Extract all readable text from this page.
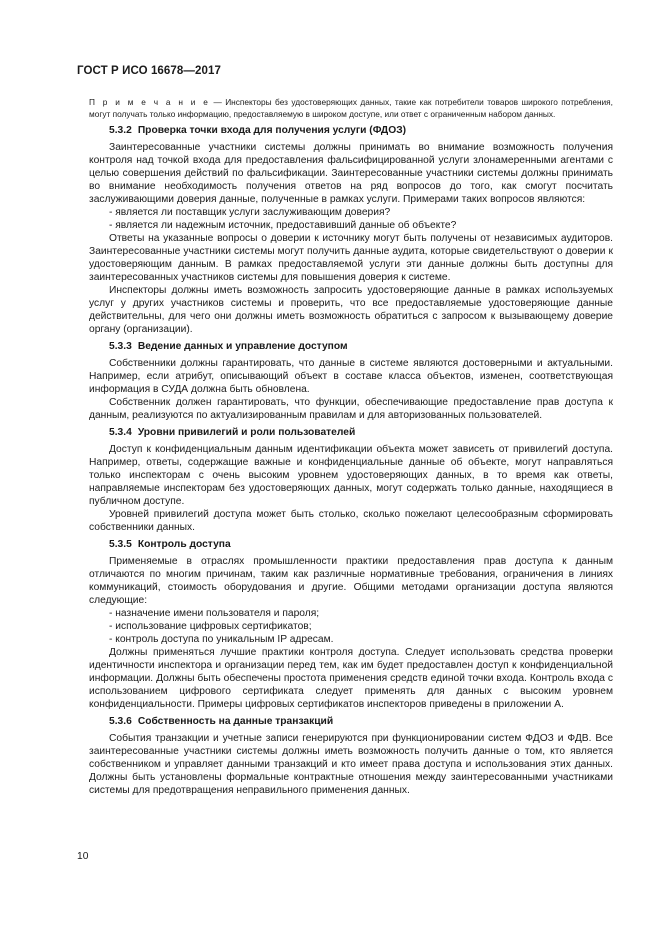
ГОСТ Р ИСО 16678—2017
П р и м е ч а н и е — Инспекторы без удостоверяющих данных, такие как потребители товаров широкого потребления, могут получать только информацию, предоставляемую в широком доступе, или ответ с ограниченным набором данных.
5.3.2 Проверка точки входа для получения услуги (ФДОЗ)

Заинтересованные участники системы должны принимать во внимание возможность получения контроля над точкой входа для предоставления фальсифицированной услуги злонамеренными агентами с целью совершения действий по фальсификации. Заинтересованные участники системы должны принимать во внимание необходимость получения ответов на ряд вопросов до того, как смогут посчитать заслуживающими доверия данные, полученные в рамках услуги. Примерами таких вопросов являются:

- является ли поставщик услуги заслуживающим доверия?

- является ли надежным источник, предоставивший данные об объекте?

Ответы на указанные вопросы о доверии к источнику могут быть получены от независимых аудиторов. Заинтересованные участники системы могут получить данные аудита, которые свидетельствуют о доверии к удостоверяющим данным. В рамках предоставляемой услуги эти данные должны быть доступны для заинтересованных участников системы для повышения доверия к системе.

Инспекторы должны иметь возможность запросить удостоверяющие данные в рамках используемых услуг у других участников системы и проверить, что все предоставляемые удостоверяющие данные действительны, для чего они должны иметь возможность обратиться с запросом к вызывающему доверие органу (организации).

5.3.3 Ведение данных и управление доступом

Собственники должны гарантировать, что данные в системе являются достоверными и актуальными. Например, если атрибут, описывающий объект в составе класса объектов, изменен, соответствующая информация в СУДА должна быть обновлена.

Собственник должен гарантировать, что функции, обеспечивающие предоставление прав доступа к данным, реализуются по актуализированным правилам и для авторизованных пользователей.

5.3.4 Уровни привилегий и роли пользователей

Доступ к конфиденциальным данным идентификации объекта может зависеть от привилегий доступа. Например, ответы, содержащие важные и конфиденциальные данные об объекте, могут направляться только инспекторам с очень высоким уровнем удостоверяющих данных, в то время как ответы, направляемые инспекторам без удостоверяющих данных, могут содержать только данные, находящиеся в публичном доступе.

Уровней привилегий доступа может быть столько, сколько пожелают целесообразным сформировать собственники данных.

5.3.5 Контроль доступа

Применяемые в отраслях промышленности практики предоставления прав доступа к данным отличаются по многим причинам, таким как различные нормативные требования, ограничения в линиях коммуникаций, стоимость оборудования и другие. Общими методами организации доступа являются следующие:

- назначение имени пользователя и пароля;

- использование цифровых сертификатов;

- контроль доступа по уникальным IP адресам.

Должны применяться лучшие практики контроля доступа. Следует использовать средства проверки идентичности инспектора и организации перед тем, как им будет предоставлен доступ к конфиденциальной информации. Должны быть обеспечены простота применения средств единой точки входа. Контроль входа с использованием цифрового сертификата следует применять для данных с высоким уровнем конфиденциальности. Примеры цифровых сертификатов инспекторов приведены в приложении А.

5.3.6 Собственность на данные транзакций

События транзакции и учетные записи генерируются при функционировании систем ФДОЗ и ФДВ. Все заинтересованные участники системы должны иметь возможность получить данные о том, кто является собственником и управляет данными транзакций и кто имеет права доступа и использования этих данных. Должны быть установлены формальные контрактные отношения между заинтересованными участниками системы для предотвращения неправильного применения данных.

10
